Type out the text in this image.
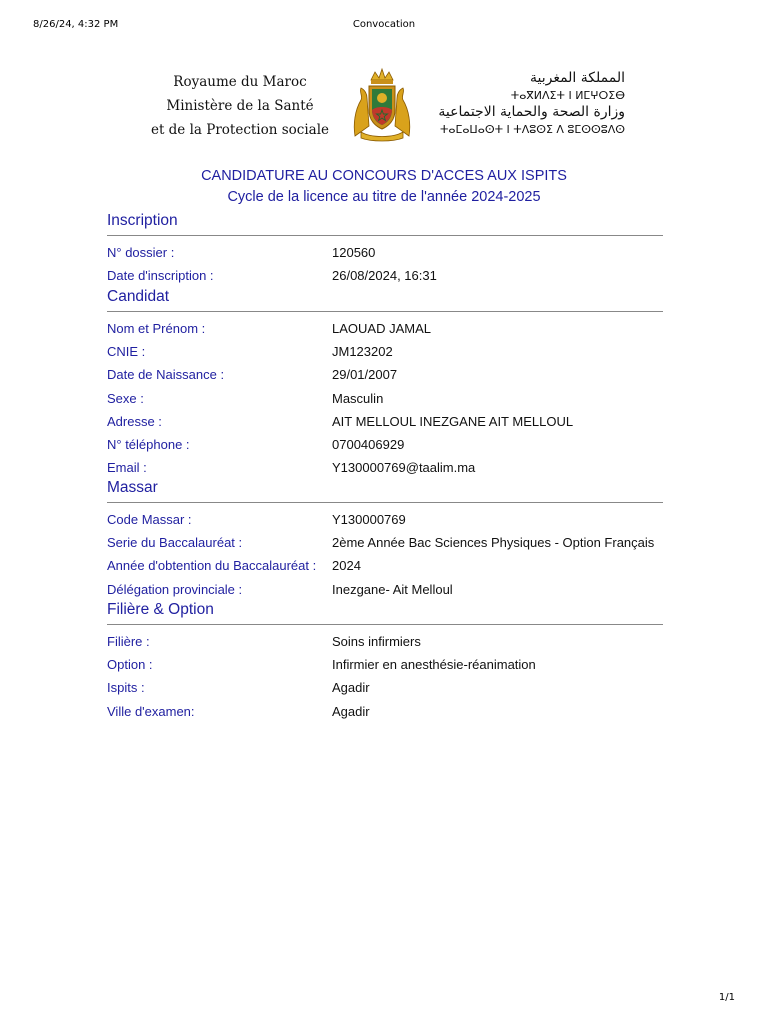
8/26/24, 4:32 PM	Convocation
Royaume du Maroc
Ministère de la Santé
et de la Protection sociale
المملكة المغربية
ⵜⴰⴳⵍⴷⵉⵜ ⵏ ⵍⵎⵖⵔⵉⴱ
وزارة الصحة والحماية الاجتماعية
ⵜⴰⵎⴰⵡⴰⵙⵜ ⵏ ⵜⴷⵓⵙⵉ ⴷ ⵓⵎⵙⵙⵓⴷⵙ
CANDIDATURE AU CONCOURS D'ACCES AUX ISPITS
Cycle de la licence au titre de l'année 2024-2025
Inscription
N° dossier :	120560
Date d'inscription :	26/08/2024, 16:31
Candidat
Nom et Prénom :	LAOUAD JAMAL
CNIE :	JM123202
Date de Naissance :	29/01/2007
Sexe :	Masculin
Adresse :	AIT MELLOUL INEZGANE AIT MELLOUL
N° téléphone :	0700406929
Email :	Y130000769@taalim.ma
Massar
Code Massar :	Y130000769
Serie du Baccalauréat :	2ème Année Bac Sciences Physiques - Option Français
Année d'obtention du Baccalauréat :	2024
Délégation provinciale :	Inezgane- Ait Melloul
Filière & Option
Filière :	Soins infirmiers
Option :	Infirmier en anesthésie-réanimation
Ispits :	Agadir
Ville d'examen:	Agadir
1/1
